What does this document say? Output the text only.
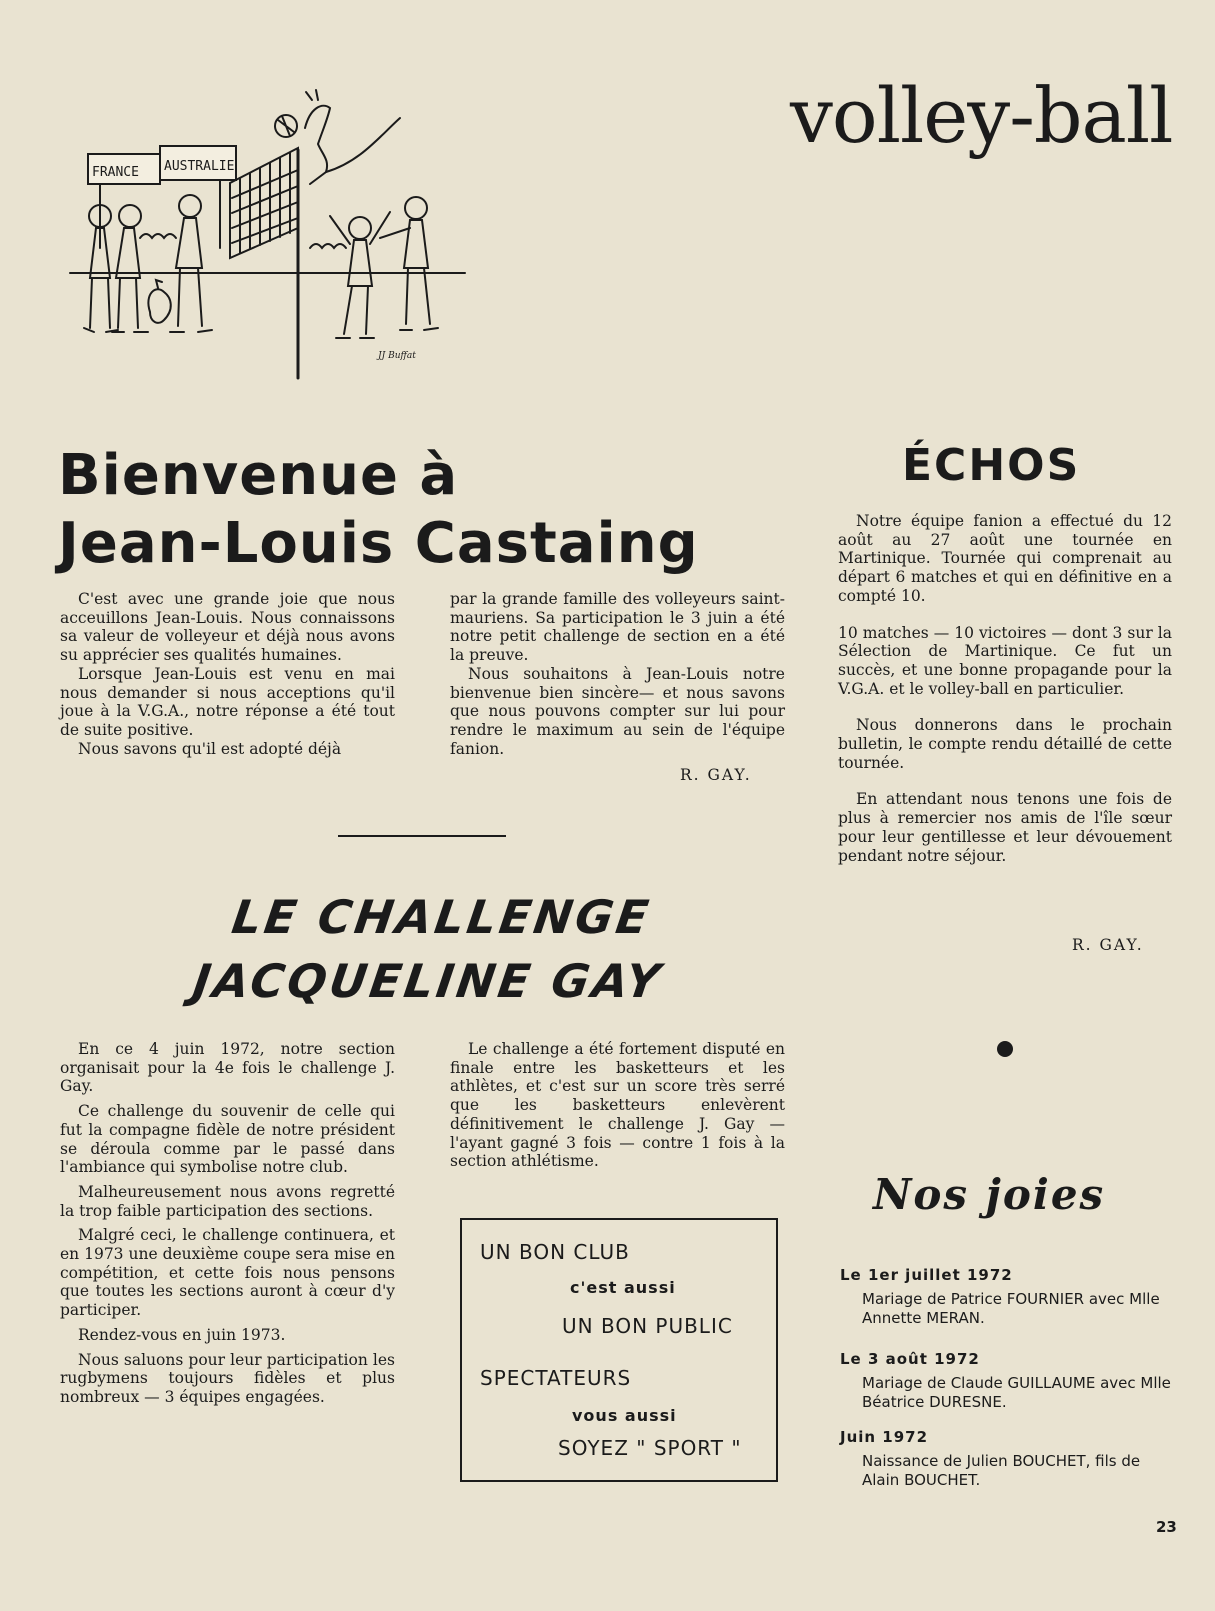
volley-ball
FRANCE AUSTRALIE
JJ Buffat
Bienvenue à
Jean-Louis Castaing

C'est avec une grande joie que nous acceuillons Jean-Louis. Nous connaissons sa valeur de volleyeur et déjà nous avons su apprécier ses qualités humaines.

Lorsque Jean-Louis est venu en mai nous demander si nous acceptions qu'il joue à la V.G.A., notre réponse a été tout de suite positive.

Nous savons qu'il est adopté déjà

par la grande famille des volleyeurs saint-mauriens. Sa participation le 3 juin a été notre petit challenge de section en a été la preuve.

Nous souhaitons à Jean-Louis notre bienvenue bien sincère— et nous savons que nous pouvons compter sur lui pour rendre le maximum au sein de l'équipe fanion.

R. GAY.
LE CHALLENGE
JACQUELINE GAY

En ce 4 juin 1972, notre section organisait pour la 4e fois le challenge J. Gay.

Ce challenge du souvenir de celle qui fut la compagne fidèle de notre président se déroula comme par le passé dans l'ambiance qui symbolise notre club.

Malheureusement nous avons regretté la trop faible participation des sections.

Malgré ceci, le challenge continuera, et en 1973 une deuxième coupe sera mise en compétition, et cette fois nous pensons que toutes les sections auront à cœur d'y participer.

Rendez-vous en juin 1973.

Nous saluons pour leur participation les rugbymens toujours fidèles et plus nombreux — 3 équipes engagées.

Le challenge a été fortement disputé en finale entre les basketteurs et les athlètes, et c'est sur un score très serré que les basketteurs enlevèrent définitivement le challenge J. Gay — l'ayant gagné 3 fois — contre 1 fois à la section athlétisme.

UN BON CLUB
c'est aussi
UN BON PUBLIC
SPECTATEURS
vous aussi
SOYEZ " SPORT "
ÉCHOS

Notre équipe fanion a effectué du 12 août au 27 août une tournée en Martinique. Tournée qui comprenait au départ 6 matches et qui en définitive en a compté 10.

10 matches — 10 victoires — dont 3 sur la Sélection de Martinique. Ce fut un succès, et une bonne propagande pour la V.G.A. et le volley-ball en particulier.

Nous donnerons dans le prochain bulletin, le compte rendu détaillé de cette tournée.

En attendant nous tenons une fois de plus à remercier nos amis de l'île sœur pour leur gentillesse et leur dévouement pendant notre séjour.

R. GAY.
Nos joies
Le 1er juillet 1972
Mariage de Patrice FOURNIER avec Mlle Annette MERAN.
Le 3 août 1972
Mariage de Claude GUILLAUME avec Mlle Béatrice DURESNE.
Juin 1972
Naissance de Julien BOUCHET, fils de Alain BOUCHET.
23
